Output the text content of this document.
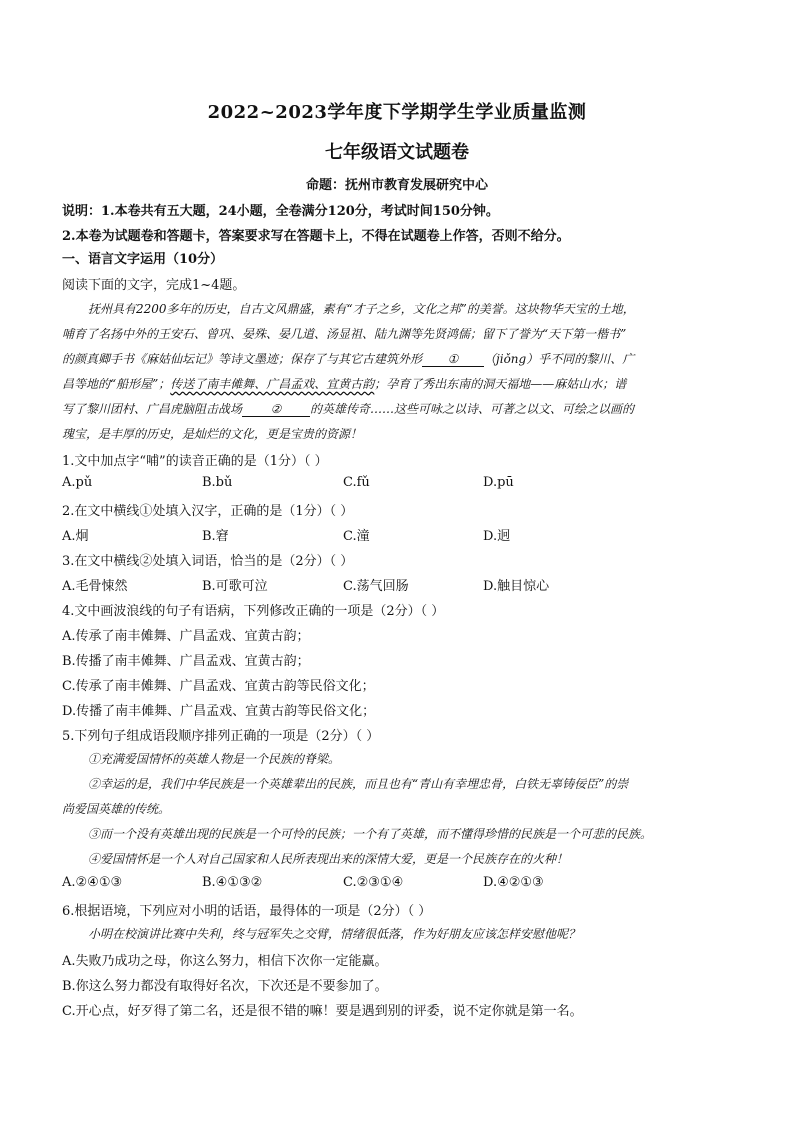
2022~2023学年度下学期学生学业质量监测
七年级语文试题卷
命题：抚州市教育发展研究中心
说明：1.本卷共有五大题，24小题，全卷满分120分，考试时间150分钟。
2.本卷为试题卷和答题卡，答案要求写在答题卡上，不得在试题卷上作答，否则不给分。
一、语言文字运用（10分）
阅读下面的文字，完成1~4题。
抚州具有2200多年的历史，自古文风鼎盛，素有“才子之乡，文化之邦”的美誉。这块物华天宝的土地，
哺育了名扬中外的王安石、曾巩、晏殊、晏几道、汤显祖、陆九渊等先贤鸿儒；留下了誉为“天下第一楷书”
的颜真卿手书《麻姑仙坛记》等诗文墨迹；保存了与其它古建筑外形 ① （jiǒng）乎不同的黎川、广
昌等地的“船形屋”；传送了南丰傩舞、广昌孟戏、宜黄古韵；孕育了秀出东南的洞天福地——麻姑山水；谱
写了黎川团村、广昌虎脑阻击战场 ② 的英雄传奇……这些可咏之以诗、可著之以文、可绘之以画的
瑰宝，是丰厚的历史，是灿烂的文化，更是宝贵的资源！
1.文中加点字“哺”的读音正确的是（1分）（ ）
A.pǔ	B.bǔ	C.fǔ	D.pū
2.在文中横线①处填入汉字，正确的是（1分）（ ）
A.炯	B.窘	C.潼	D.迥
3.在文中横线②处填入词语，恰当的是（2分）（ ）
A.毛骨悚然	B.可歌可泣	C.荡气回肠	D.触目惊心
4.文中画波浪线的句子有语病，下列修改正确的一项是（2分）（ ）
A.传承了南丰傩舞、广昌孟戏、宜黄古韵；
B.传播了南丰傩舞、广昌孟戏、宜黄古韵；
C.传承了南丰傩舞、广昌孟戏、宜黄古韵等民俗文化；
D.传播了南丰傩舞、广昌孟戏、宜黄古韵等民俗文化；
5.下列句子组成语段顺序排列正确的一项是（2分）（ ）
①充满爱国情怀的英雄人物是一个民族的脊梁。
②幸运的是，我们中华民族是一个英雄辈出的民族，而且也有“青山有幸埋忠骨，白铁无辜铸佞臣”的崇
尚爱国英雄的传统。
③而一个没有英雄出现的民族是一个可怜的民族；一个有了英雄，而不懂得珍惜的民族是一个可悲的民族。
④爱国情怀是一个人对自己国家和人民所表现出来的深情大爱，更是一个民族存在的火种！
A.②④①③	B.④①③②	C.②③①④	D.④②①③
6.根据语境，下列应对小明的话语，最得体的一项是（2分）（ ）
小明在校演讲比赛中失利，终与冠军失之交臂，情绪很低落，作为好朋友应该怎样安慰他呢？
A.失败乃成功之母，你这么努力，相信下次你一定能赢。
B.你这么努力都没有取得好名次，下次还是不要参加了。
C.开心点，好歹得了第二名，还是很不错的嘛！要是遇到别的评委，说不定你就是第一名。
